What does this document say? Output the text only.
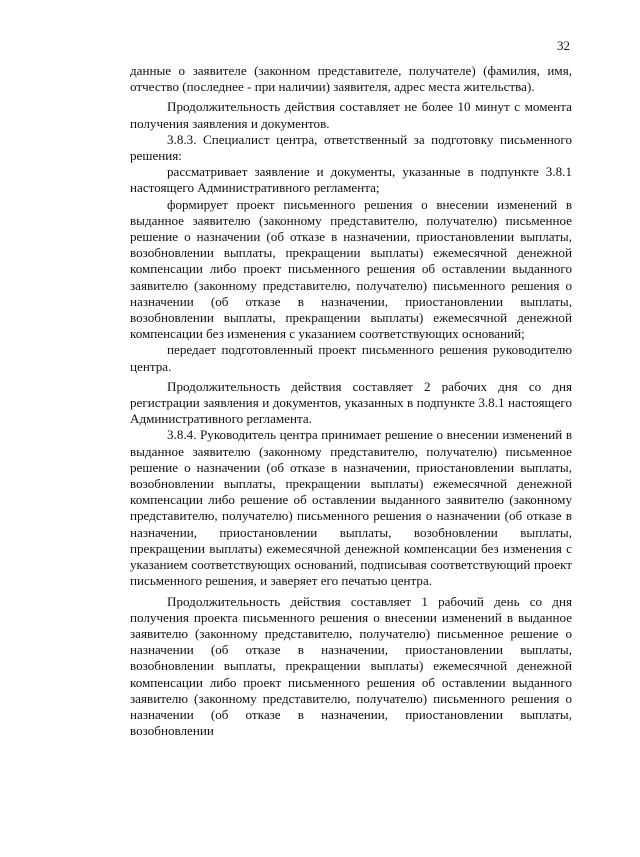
32

данные о заявителе (законном представителе, получателе) (фамилия, имя, отчество (последнее - при наличии) заявителя, адрес места жительства).

Продолжительность действия составляет не более 10 минут с момента получения заявления и документов.

3.8.3. Специалист центра, ответственный за подготовку письменного решения:

рассматривает заявление и документы, указанные в подпункте 3.8.1 настоящего Административного регламента;

формирует проект письменного решения о внесении изменений в выданное заявителю (законному представителю, получателю) письменное решение о назначении (об отказе в назначении, приостановлении выплаты, возобновлении выплаты, прекращении выплаты) ежемесячной денежной компенсации либо проект письменного решения об оставлении выданного заявителю (законному представителю, получателю) письменного решения о назначении (об отказе в назначении, приостановлении выплаты, возобновлении выплаты, прекращении выплаты) ежемесячной денежной компенсации без изменения с указанием соответствующих оснований;

передает подготовленный проект письменного решения руководителю центра.

Продолжительность действия составляет 2 рабочих дня со дня регистрации заявления и документов, указанных в подпункте 3.8.1 настоящего Административного регламента.

3.8.4. Руководитель центра принимает решение о внесении изменений в выданное заявителю (законному представителю, получателю) письменное решение о назначении (об отказе в назначении, приостановлении выплаты, возобновлении выплаты, прекращении выплаты) ежемесячной денежной компенсации либо решение об оставлении выданного заявителю (законному представителю, получателю) письменного решения о назначении (об отказе в назначении, приостановлении выплаты, возобновлении выплаты, прекращении выплаты) ежемесячной денежной компенсации без изменения с указанием соответствующих оснований, подписывая соответствующий проект письменного решения, и заверяет его печатью центра.

Продолжительность действия составляет 1 рабочий день со дня получения проекта письменного решения о внесении изменений в выданное заявителю (законному представителю, получателю) письменное решение о назначении (об отказе в назначении, приостановлении выплаты, возобновлении выплаты, прекращении выплаты) ежемесячной денежной компенсации либо проект письменного решения об оставлении выданного заявителю (законному представителю, получателю) письменного решения о назначении (об отказе в назначении, приостановлении выплаты, возобновлении
